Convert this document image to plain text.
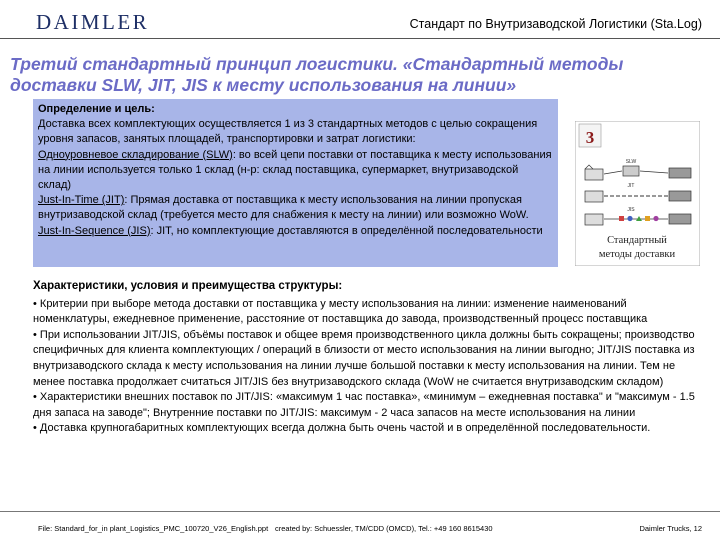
DAIMLER	Стандарт по Внутризаводской Логистики (Sta.Log)
Третий стандартный принцип логистики. «Стандартный методы доставки SLW, JIT, JIS к месту использования на линии»
Определение и цель:
Доставка всех комплектующих осуществляется 1 из 3 стандартных методов с целью сокращения уровня запасов, занятых площадей, транспортировки и затрат логистики:
Одноуровневое складирование (SLW): во всей цепи поставки от поставщика к месту использования на линии используется только 1 склад (н-р: склад поставщика, супермаркет, внутризаводской склад)
Just-In-Time (JIT): Прямая доставка от поставщика к месту использования на линии пропуская внутризаводской склад (требуется место для снабжения к месту на линии) или возможно WoW.
Just-In-Sequence (JIS): JIT, но комплектующие доставляются в определённой последовательности
3
SLW
JIT
JIS
Стандартный
методы доставки
Характеристики, условия и преимущества структуры:

• Критерии при выборе метода доставки от поставщика у месту использования на линии: изменение наименований номенклатуры, ежедневное применение, расстояние от поставщика до завода, производственный процесс поставщика

• При использовании JIT/JIS, объёмы поставок и общее время производственного цикла должны быть сокращены; производство специфичных для клиента комплектующих / операций в близости от место использования на линии выгодно; JIT/JIS поставка из внутризаводского склада к месту использования на линии лучше большой поставки к месту использования на линии. Тем не менее поставка продолжает считаться JIT/JIS без внутризаводского склада (WoW не считается внутризаводским складом)

• Характеристики внешних поставок по JIT/JIS: «максимум 1 час поставка», «минимум – ежедневная поставка" и "максимум - 1.5 дня запаса на заводе"; Внутренние поставки по JIT/JIS: максимум - 2 часа запасов на месте использования на линии

• Доставка крупногабаритных комплектующих всегда должна быть очень частой и в определённой последовательности.

File: Standard_for_in plant_Logistics_PMC_100720_V26_English.ppt created by: Schuessler, TM/CDD (OMCD), Tel.: +49 160 8615430	Daimler Trucks, 12
